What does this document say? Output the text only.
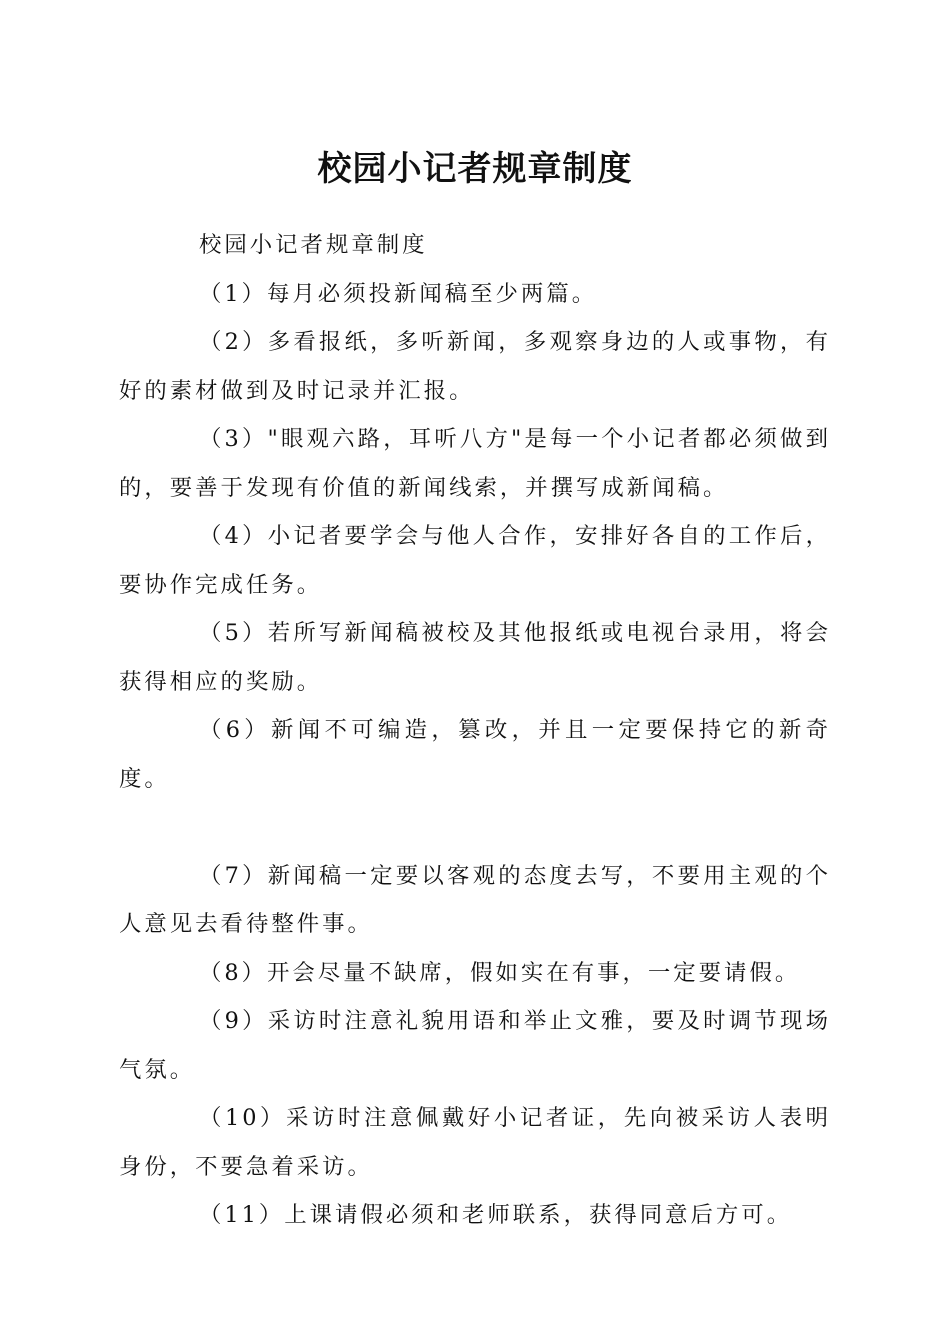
校园小记者规章制度

校园小记者规章制度

（1）每月必须投新闻稿至少两篇。

（2）多看报纸，多听新闻，多观察身边的人或事物，有好的素材做到及时记录并汇报。

（3）"眼观六路，耳听八方"是每一个小记者都必须做到的，要善于发现有价值的新闻线索，并撰写成新闻稿。

（4）小记者要学会与他人合作，安排好各自的工作后，要协作完成任务。

（5）若所写新闻稿被校及其他报纸或电视台录用，将会获得相应的奖励。

（6）新闻不可编造，篡改，并且一定要保持它的新奇度。

（7）新闻稿一定要以客观的态度去写，不要用主观的个人意见去看待整件事。

（8）开会尽量不缺席，假如实在有事，一定要请假。

（9）采访时注意礼貌用语和举止文雅，要及时调节现场气氛。

（10）采访时注意佩戴好小记者证，先向被采访人表明身份，不要急着采访。

（11）上课请假必须和老师联系，获得同意后方可。
